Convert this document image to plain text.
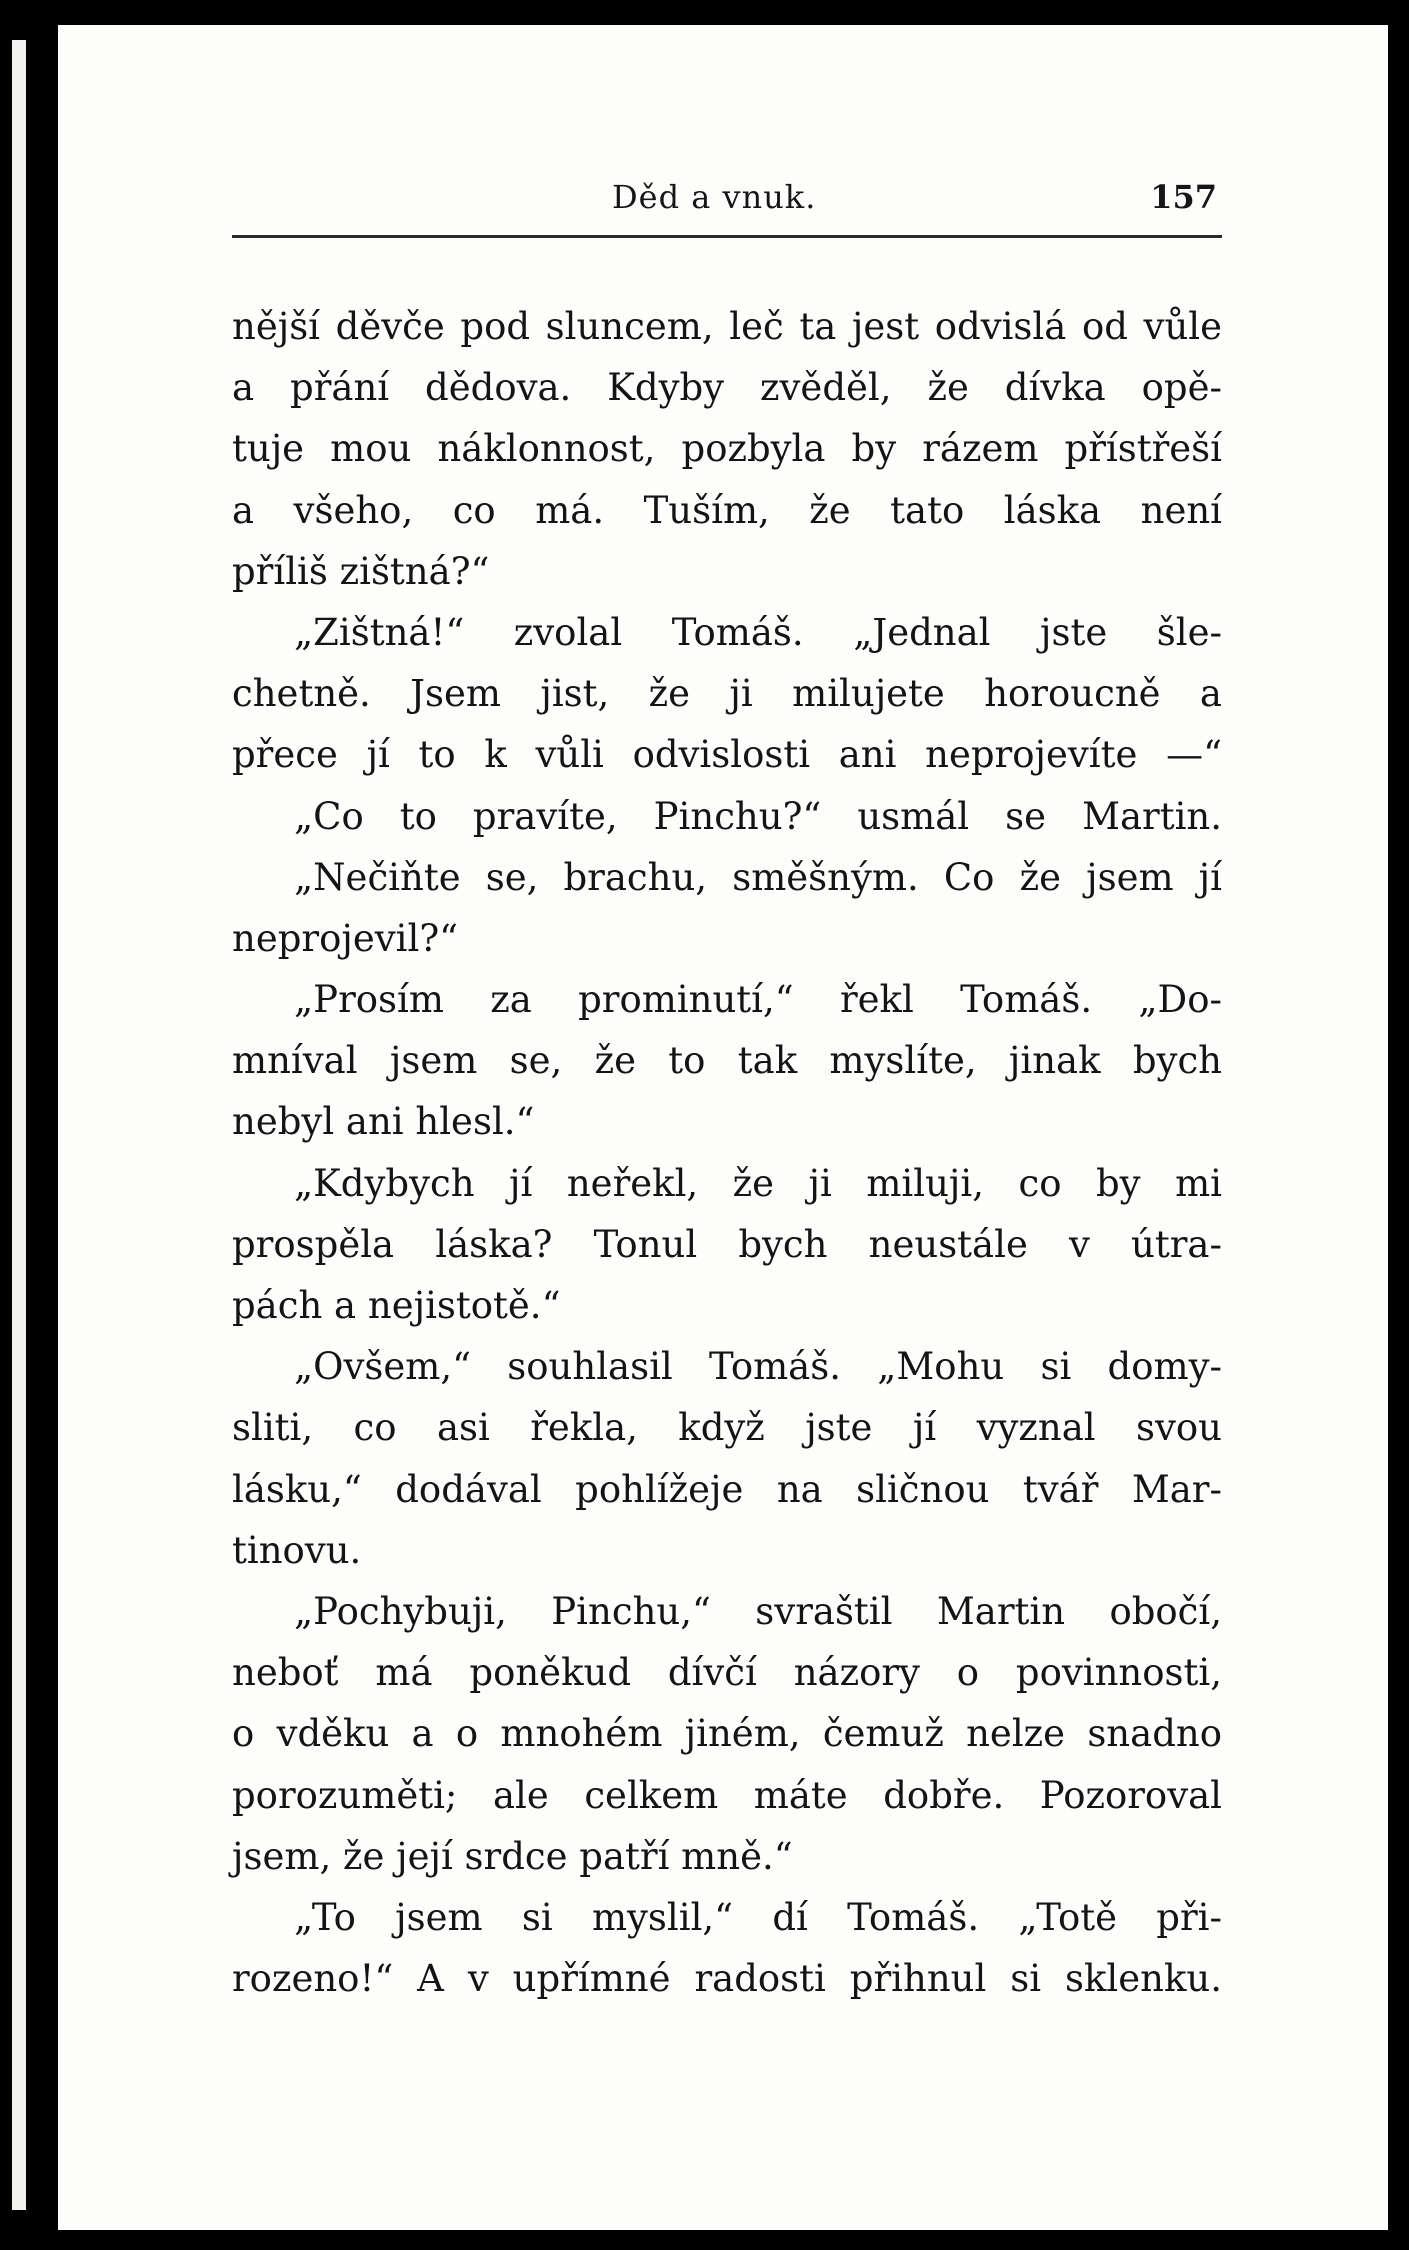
Děd a vnuk.	157
nější děvče pod sluncem, leč ta jest odvislá od vůle
a přání dědova. Kdyby zvěděl, že dívka opě-
tuje mou náklonnost, pozbyla by rázem přístřeší
a všeho, co má. Tuším, že tato láska není
příliš zištná?“
„Zištná!“ zvolal Tomáš. „Jednal jste šle-
chetně. Jsem jist, že ji milujete horoucně a
přece jí to k vůli odvislosti ani neprojevíte —“
„Co to pravíte, Pinchu?“ usmál se Martin.
„Nečiňte se, brachu, směšným. Co že jsem jí
neprojevil?“
„Prosím za prominutí,“ řekl Tomáš. „Do-
mníval jsem se, že to tak myslíte, jinak bych
nebyl ani hlesl.“
„Kdybych jí neřekl, že ji miluji, co by mi
prospěla láska? Tonul bych neustále v útra-
pách a nejistotě.“
„Ovšem,“ souhlasil Tomáš. „Mohu si domy-
sliti, co asi řekla, když jste jí vyznal svou
lásku,“ dodával pohlížeje na sličnou tvář Mar-
tinovu.
„Pochybuji, Pinchu,“ svraštil Martin obočí,
neboť má poněkud dívčí názory o povinnosti,
o vděku a o mnohém jiném, čemuž nelze snadno
porozuměti; ale celkem máte dobře. Pozoroval
jsem, že její srdce patří mně.“
„To jsem si myslil,“ dí Tomáš. „Totě při-
rozeno!“ A v upřímné radosti přihnul si sklenku.
